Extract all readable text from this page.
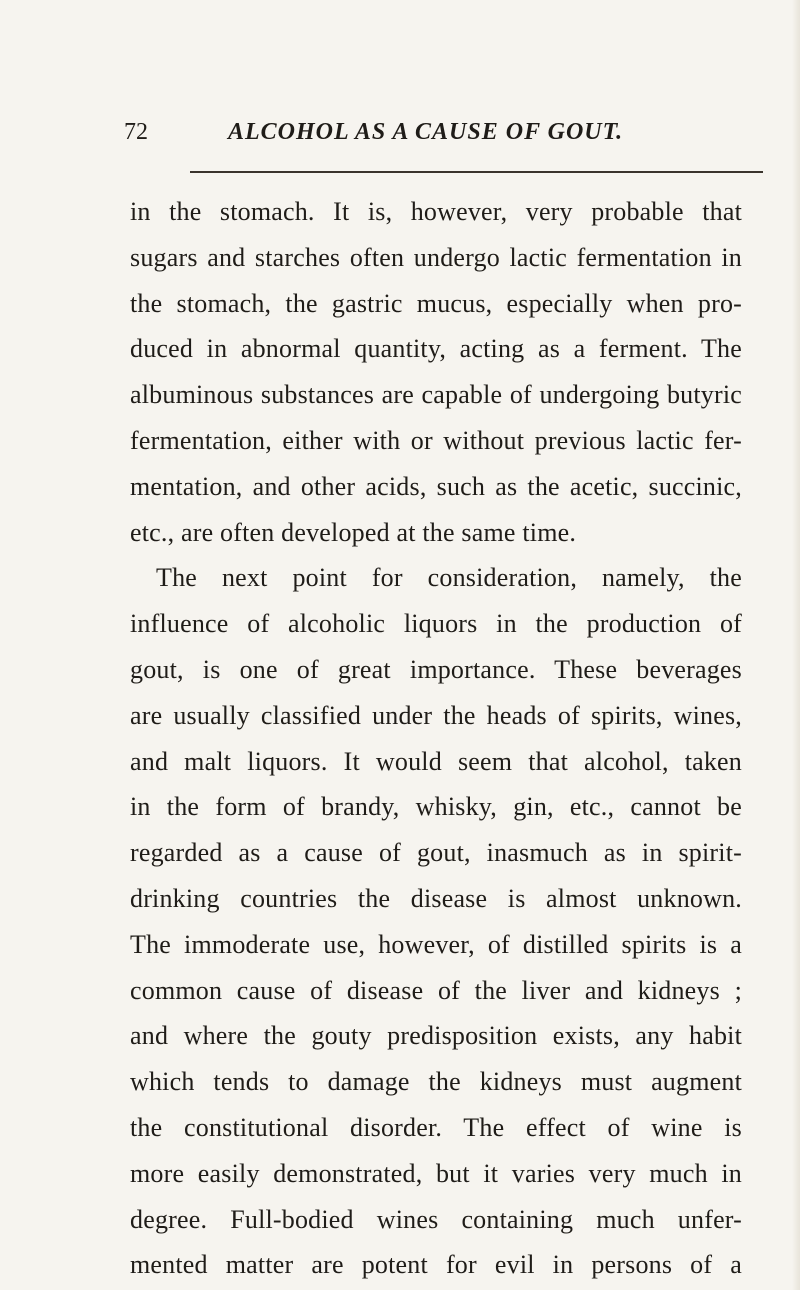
72	ALCOHOL AS A CAUSE OF GOUT.
in the stomach. It is, however, very probable that
sugars and starches often undergo lactic fermentation in
the stomach, the gastric mucus, especially when pro-
duced in abnormal quantity, acting as a ferment. The
albuminous substances are capable of undergoing butyric
fermentation, either with or without previous lactic fer-
mentation, and other acids, such as the acetic, succinic,
etc., are often developed at the same time.
The next point for consideration, namely, the
influence of alcoholic liquors in the production of
gout, is one of great importance. These beverages
are usually classified under the heads of spirits, wines,
and malt liquors. It would seem that alcohol, taken
in the form of brandy, whisky, gin, etc., cannot be
regarded as a cause of gout, inasmuch as in spirit-
drinking countries the disease is almost unknown.
The immoderate use, however, of distilled spirits is a
common cause of disease of the liver and kidneys ;
and where the gouty predisposition exists, any habit
which tends to damage the kidneys must augment
the constitutional disorder. The effect of wine is
more easily demonstrated, but it varies very much in
degree. Full-bodied wines containing much unfer-
mented matter are potent for evil in persons of a
